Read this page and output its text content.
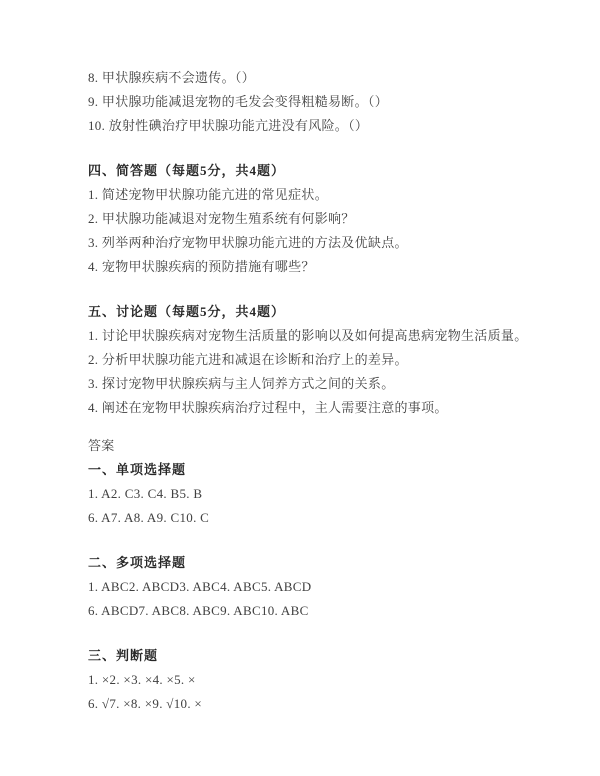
8. 甲状腺疾病不会遗传。（）

9. 甲状腺功能减退宠物的毛发会变得粗糙易断。（）

10. 放射性碘治疗甲状腺功能亢进没有风险。（）

四、简答题（每题5分，共4题）

1. 简述宠物甲状腺功能亢进的常见症状。

2. 甲状腺功能减退对宠物生殖系统有何影响？

3. 列举两种治疗宠物甲状腺功能亢进的方法及优缺点。

4. 宠物甲状腺疾病的预防措施有哪些？

五、讨论题（每题5分，共4题）

1. 讨论甲状腺疾病对宠物生活质量的影响以及如何提高患病宠物生活质量。

2. 分析甲状腺功能亢进和减退在诊断和治疗上的差异。

3. 探讨宠物甲状腺疾病与主人饲养方式之间的关系。

4. 阐述在宠物甲状腺疾病治疗过程中，主人需要注意的事项。

答案

一、单项选择题

1. A2. C3. C4. B5. B

6. A7. A8. A9. C10. C

二、多项选择题

1. ABC2. ABCD3. ABC4. ABC5. ABCD

6. ABCD7. ABC8. ABC9. ABC10. ABC

三、判断题

1. ×2. ×3. ×4. ×5. ×

6. √7. ×8. ×9. √10. ×
